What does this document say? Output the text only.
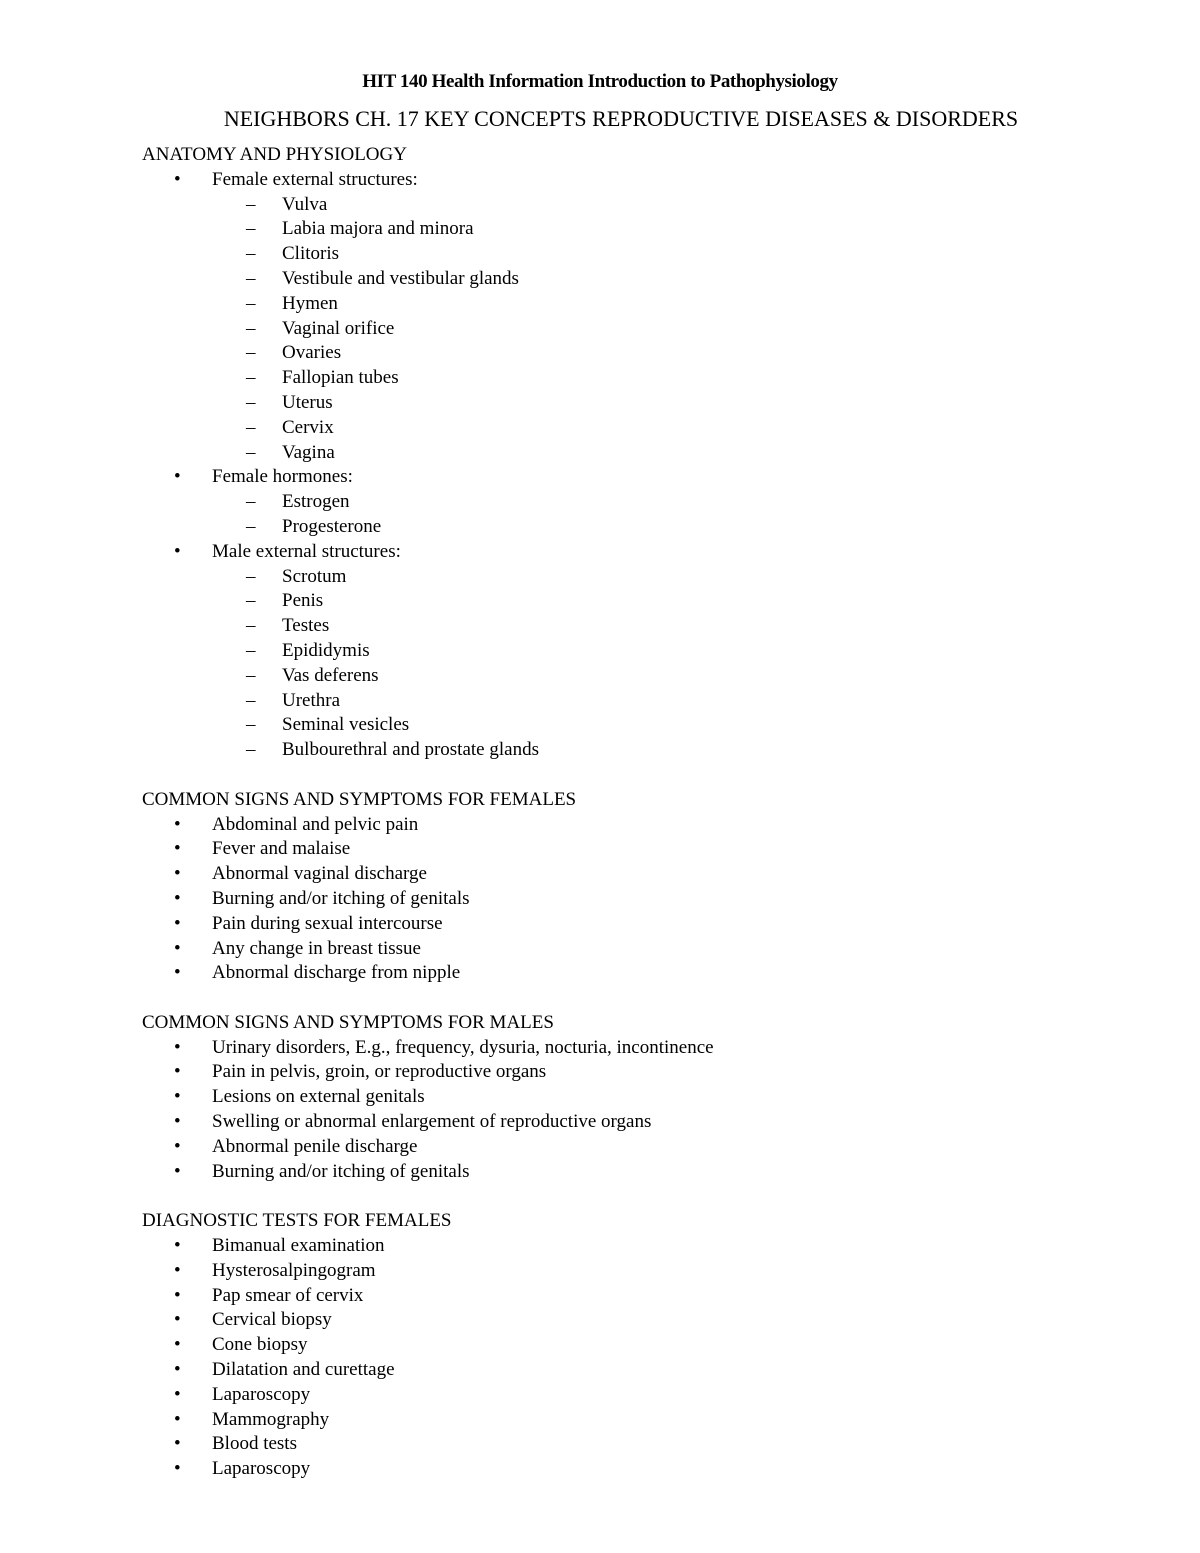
HIT 140 Health Information Introduction to Pathophysiology
NEIGHBORS CH. 17 KEY CONCEPTS REPRODUCTIVE DISEASES & DISORDERS
ANATOMY AND PHYSIOLOGY
• Female external structures:
– Vulva
– Labia majora and minora
– Clitoris
– Vestibule and vestibular glands
– Hymen
– Vaginal orifice
– Ovaries
– Fallopian tubes
– Uterus
– Cervix
– Vagina
• Female hormones:
– Estrogen
– Progesterone
• Male external structures:
– Scrotum
– Penis
– Testes
– Epididymis
– Vas deferens
– Urethra
– Seminal vesicles
– Bulbourethral and prostate glands
COMMON SIGNS AND SYMPTOMS FOR FEMALES
• Abdominal and pelvic pain
• Fever and malaise
• Abnormal vaginal discharge
• Burning and/or itching of genitals
• Pain during sexual intercourse
• Any change in breast tissue
• Abnormal discharge from nipple
COMMON SIGNS AND SYMPTOMS FOR MALES
• Urinary disorders, E.g., frequency, dysuria, nocturia, incontinence
• Pain in pelvis, groin, or reproductive organs
• Lesions on external genitals
• Swelling or abnormal enlargement of reproductive organs
• Abnormal penile discharge
• Burning and/or itching of genitals
DIAGNOSTIC TESTS FOR FEMALES
• Bimanual examination
• Hysterosalpingogram
• Pap smear of cervix
• Cervical biopsy
• Cone biopsy
• Dilatation and curettage
• Laparoscopy
• Mammography
• Blood tests
• Laparoscopy
